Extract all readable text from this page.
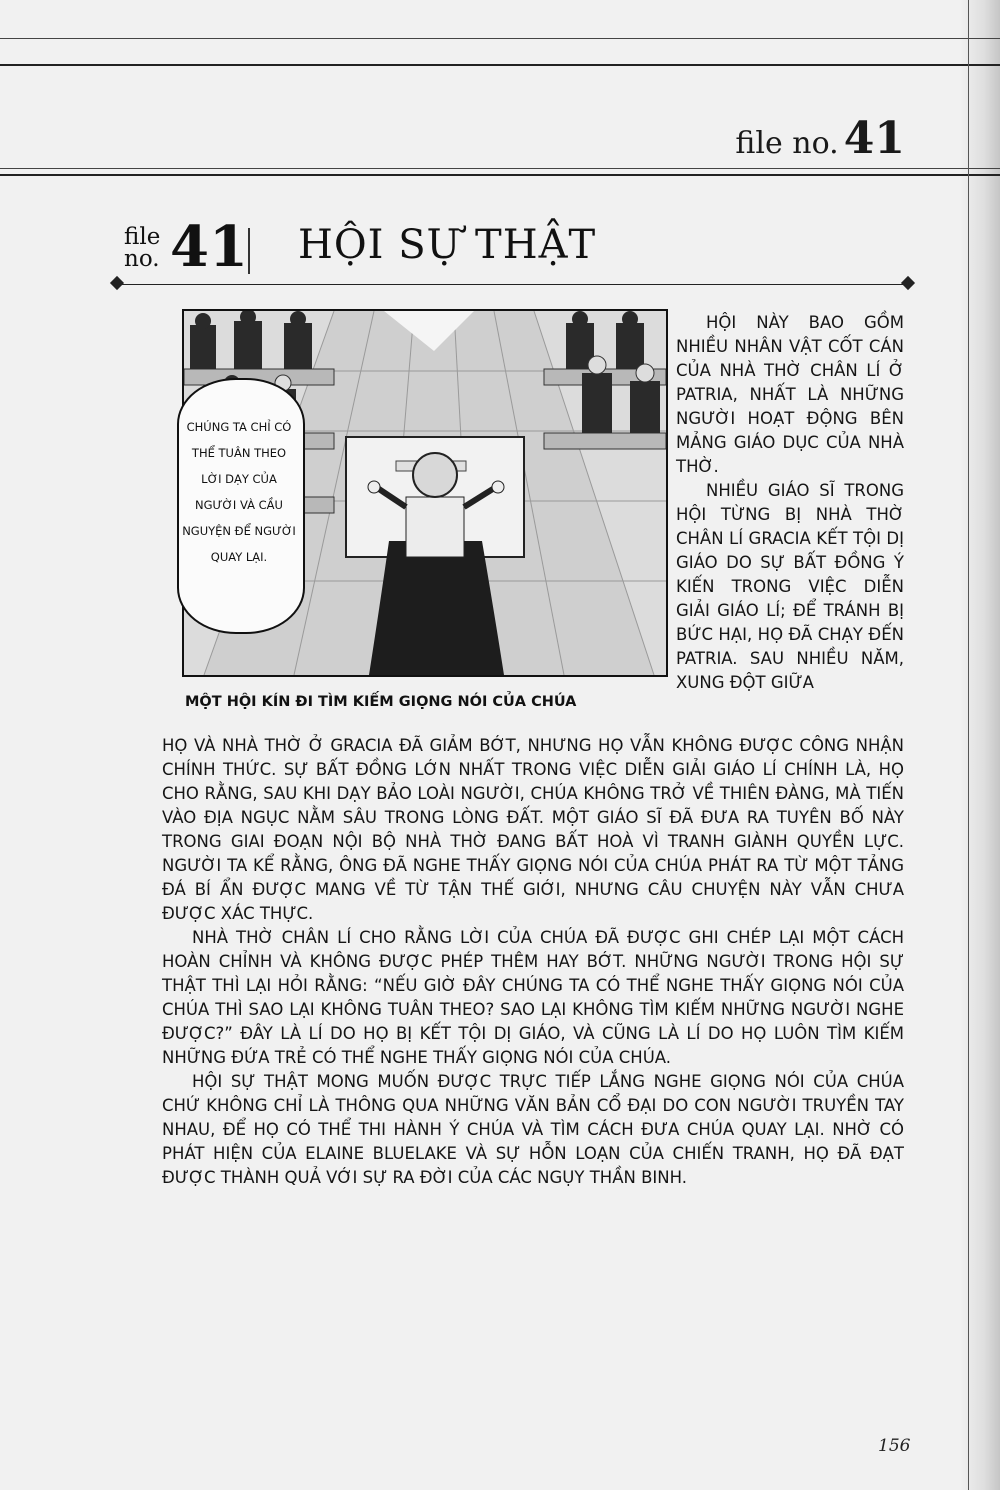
file no. 41
file no. 41 HỘI SỰ THẬT
CHÚNG TA CHỈ CÓ THỂ TUÂN THEO LỜI DẠY CỦA NGƯỜI VÀ CẦU NGUYỆN ĐỂ NGƯỜI QUAY LẠI.
MỘT HỘI KÍN ĐI TÌM KIẾM GIỌNG NÓI CỦA CHÚA

HỘI NÀY BAO GỒM NHIỀU NHÂN VẬT CỐT CÁN CỦA NHÀ THỜ CHÂN LÍ Ở PATRIA, NHẤT LÀ NHỮNG NGƯỜI HOẠT ĐỘNG BÊN MẢNG GIÁO DỤC CỦA NHÀ THỜ.

NHIỀU GIÁO SĨ TRONG HỘI TỪNG BỊ NHÀ THỜ CHÂN LÍ GRACIA KẾT TỘI DỊ GIÁO DO SỰ BẤT ĐỒNG Ý KIẾN TRONG VIỆC DIỄN GIẢI GIÁO LÍ; ĐỂ TRÁNH BỊ BỨC HẠI, HỌ ĐÃ CHẠY ĐẾN PATRIA. SAU NHIỀU NĂM, XUNG ĐỘT GIỮA

HỌ VÀ NHÀ THỜ Ở GRACIA ĐÃ GIẢM BỚT, NHƯNG HỌ VẪN KHÔNG ĐƯỢC CÔNG NHẬN CHÍNH THỨC. SỰ BẤT ĐỒNG LỚN NHẤT TRONG VIỆC DIỄN GIẢI GIÁO LÍ CHÍNH LÀ, HỌ CHO RẰNG, SAU KHI DẠY BẢO LOÀI NGƯỜI, CHÚA KHÔNG TRỞ VỀ THIÊN ĐÀNG, MÀ TIẾN VÀO ĐỊA NGỤC NẰM SÂU TRONG LÒNG ĐẤT. MỘT GIÁO SĨ ĐÃ ĐƯA RA TUYÊN BỐ NÀY TRONG GIAI ĐOẠN NỘI BỘ NHÀ THỜ ĐANG BẤT HOÀ VÌ TRANH GIÀNH QUYỀN LỰC. NGƯỜI TA KỂ RẰNG, ÔNG ĐÃ NGHE THẤY GIỌNG NÓI CỦA CHÚA PHÁT RA TỪ MỘT TẢNG ĐÁ BÍ ẨN ĐƯỢC MANG VỀ TỪ TẬN THẾ GIỚI, NHƯNG CÂU CHUYỆN NÀY VẪN CHƯA ĐƯỢC XÁC THỰC.

NHÀ THỜ CHÂN LÍ CHO RẰNG LỜI CỦA CHÚA ĐÃ ĐƯỢC GHI CHÉP LẠI MỘT CÁCH HOÀN CHỈNH VÀ KHÔNG ĐƯỢC PHÉP THÊM HAY BỚT. NHỮNG NGƯỜI TRONG HỘI SỰ THẬT THÌ LẠI HỎI RẰNG: “NẾU GIỜ ĐÂY CHÚNG TA CÓ THỂ NGHE THẤY GIỌNG NÓI CỦA CHÚA THÌ SAO LẠI KHÔNG TUÂN THEO? SAO LẠI KHÔNG TÌM KIẾM NHỮNG NGƯỜI NGHE ĐƯỢC?” ĐÂY LÀ LÍ DO HỌ BỊ KẾT TỘI DỊ GIÁO, VÀ CŨNG LÀ LÍ DO HỌ LUÔN TÌM KIẾM NHỮNG ĐỨA TRẺ CÓ THỂ NGHE THẤY GIỌNG NÓI CỦA CHÚA.

HỘI SỰ THẬT MONG MUỐN ĐƯỢC TRỰC TIẾP LẮNG NGHE GIỌNG NÓI CỦA CHÚA CHỨ KHÔNG CHỈ LÀ THÔNG QUA NHỮNG VĂN BẢN CỔ ĐẠI DO CON NGƯỜI TRUYỀN TAY NHAU, ĐỂ HỌ CÓ THỂ THI HÀNH Ý CHÚA VÀ TÌM CÁCH ĐƯA CHÚA QUAY LẠI. NHỜ CÓ PHÁT HIỆN CỦA ELAINE BLUELAKE VÀ SỰ HỖN LOẠN CỦA CHIẾN TRANH, HỌ ĐÃ ĐẠT ĐƯỢC THÀNH QUẢ VỚI SỰ RA ĐỜI CỦA CÁC NGỤY THẦN BINH.

156
